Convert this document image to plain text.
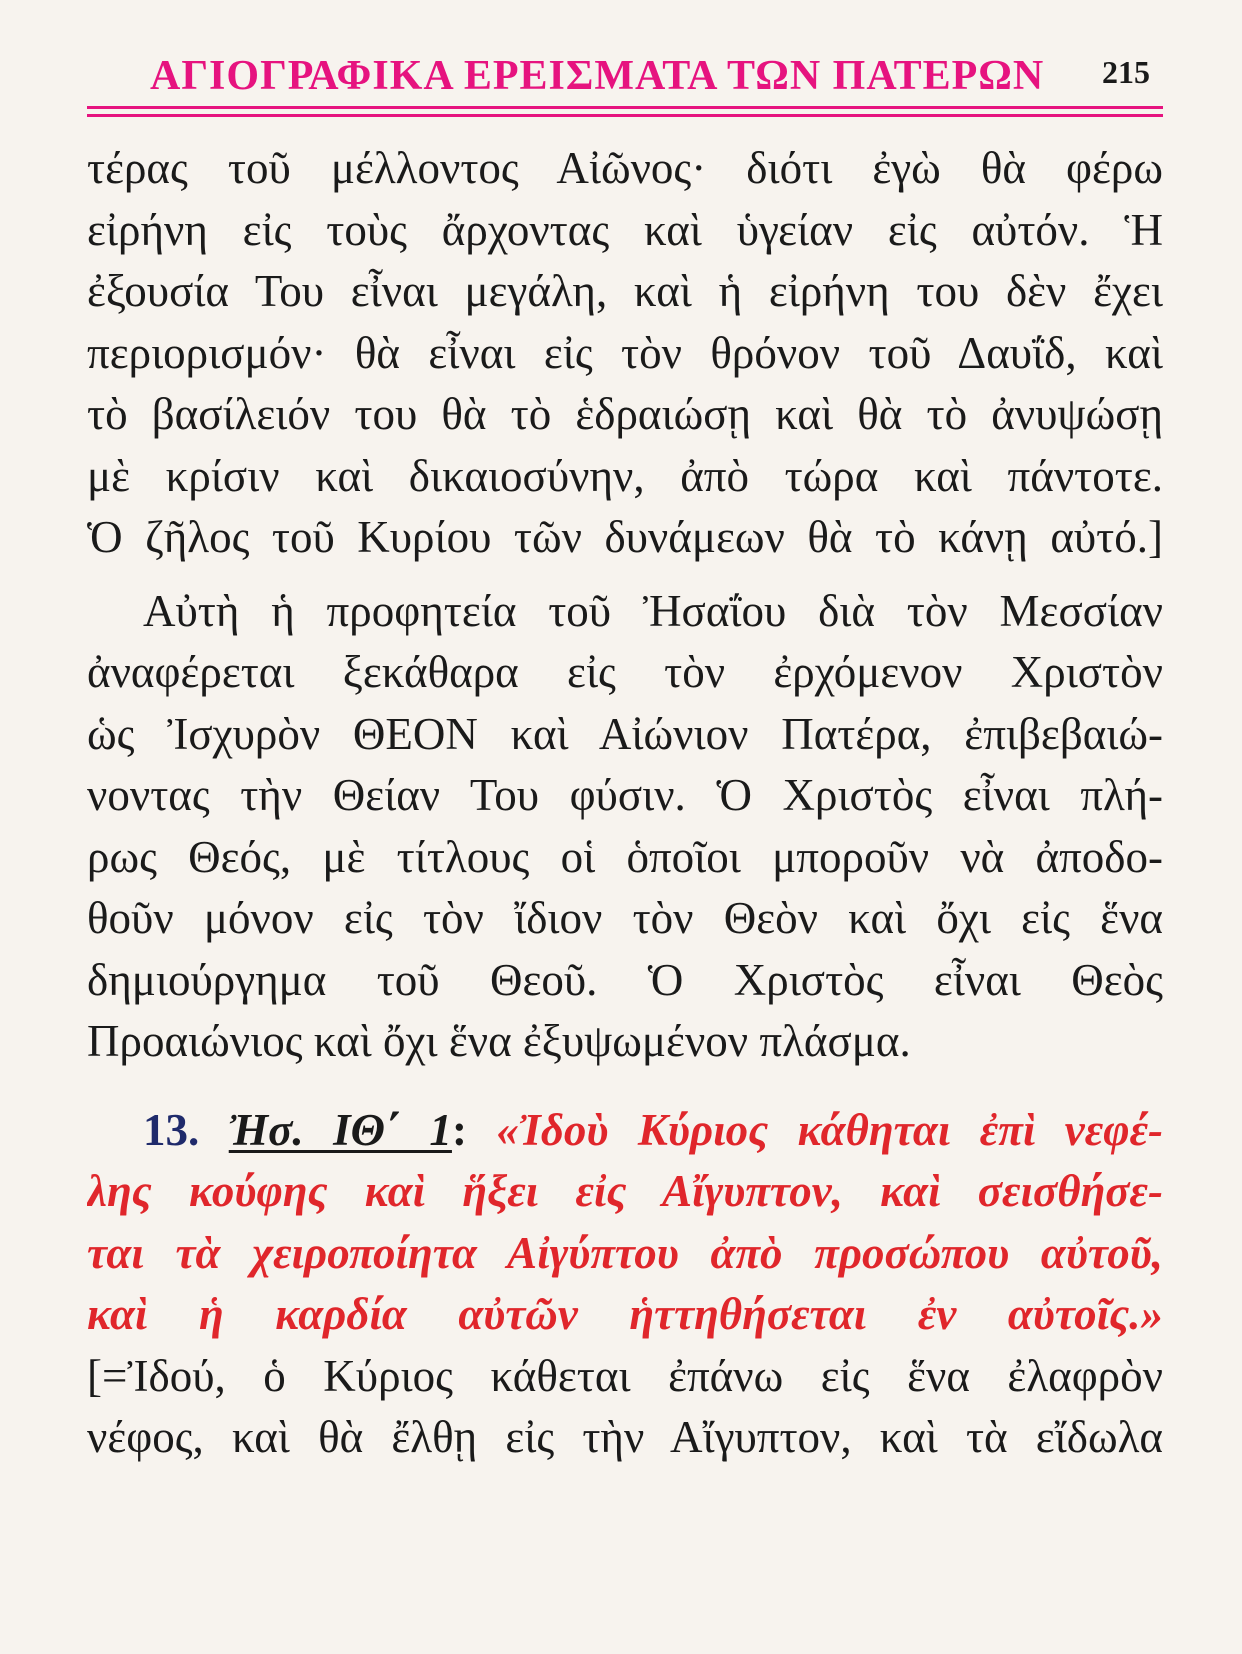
ΑΓΙΟΓΡΑΦΙΚΑ ΕΡΕΙΣΜΑΤΑ ΤΩΝ ΠΑΤΕΡΩΝ 215
τέρας τοῦ μέλλοντος Αἰῶνος· διότι ἐγὼ θὰ φέρω
εἰρήνη εἰς τοὺς ἄρχοντας καὶ ὑγείαν εἰς αὐτόν. Ἡ
ἐξουσία Του εἶναι μεγάλη, καὶ ἡ εἰρήνη του δὲν ἔχει
περιορισμόν· θὰ εἶναι εἰς τὸν θρόνον τοῦ Δαυΐδ, καὶ
τὸ βασίλειόν του θὰ τὸ ἑδραιώσῃ καὶ θὰ τὸ ἀνυψώσῃ
μὲ κρίσιν καὶ δικαιοσύνην, ἀπὸ τώρα καὶ πάντοτε.
Ὁ ζῆλος τοῦ Κυρίου τῶν δυνάμεων θὰ τὸ κάνῃ αὐτό.]
Αὐτὴ ἡ προφητεία τοῦ Ἠσαΐου διὰ τὸν Μεσσίαν
ἀναφέρεται ξεκάθαρα εἰς τὸν ἐρχόμενον Χριστὸν
ὡς Ἰσχυρὸν ΘΕΟΝ καὶ Αἰώνιον Πατέρα, ἐπιβεβαιώ-
νοντας τὴν Θείαν Του φύσιν. Ὁ Χριστὸς εἶναι πλή-
ρως Θεός, μὲ τίτλους οἱ ὁποῖοι μποροῦν νὰ ἀποδο-
θοῦν μόνον εἰς τὸν ἴδιον τὸν Θεὸν καὶ ὄχι εἰς ἕνα
δημιούργημα τοῦ Θεοῦ. Ὁ Χριστὸς εἶναι Θεὸς
Προαιώνιος καὶ ὄχι ἕνα ἐξυψωμένον πλάσμα.
13. Ἠσ. ΙΘ΄ 1: «Ἰδοὺ Κύριος κάθηται ἐπὶ νεφέ-
λης κούφης καὶ ἥξει εἰς Αἴγυπτον, καὶ σεισθήσε-
ται τὰ χειροποίητα Αἰγύπτου ἀπὸ προσώπου αὐτοῦ,
καὶ ἡ καρδία αὐτῶν ἡττηθήσεται ἐν αὐτοῖς.»
[=Ἰδού, ὁ Κύριος κάθεται ἐπάνω εἰς ἕνα ἐλαφρὸν
νέφος, καὶ θὰ ἔλθῃ εἰς τὴν Αἴγυπτον, καὶ τὰ εἴδωλα
